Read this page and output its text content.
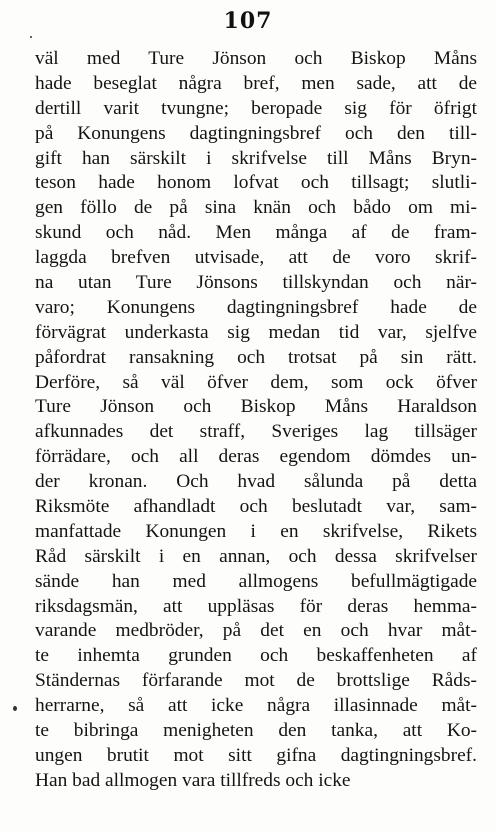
107
väl med Ture Jönson och Biskop Måns
hade beseglat några bref, men sade, att de
dertill varit tvungne; beropade sig för öfrigt
på Konungens dagtingningsbref och den till-
gift han särskilt i skrifvelse till Måns Bryn-
teson hade honom lofvat och tillsagt; slutli-
gen föllo de på sina knän och bådo om mi-
skund och nåd. Men många af de fram-
laggda brefven utvisade, att de voro skrif-
na utan Ture Jönsons tillskyndan och när-
varo; Konungens dagtingningsbref hade de
förvägrat underkasta sig medan tid var, sjelfve
påfordrat ransakning och trotsat på sin rätt.
Derföre, så väl öfver dem, som ock öfver
Ture Jönson och Biskop Måns Haraldson
afkunnades det straff, Sveriges lag tillsäger
förrädare, och all deras egendom dömdes un-
der kronan. Och hvad sålunda på detta
Riksmöte afhandladt och beslutadt var, sam-
manfattade Konungen i en skrifvelse, Rikets
Råd särskilt i en annan, och dessa skrifvelser
sände han med allmogens befullmägtigade
riksdagsmän, att uppläsas för deras hemma-
varande medbröder, på det en och hvar måt-
te inhemta grunden och beskaffenheten af
Ständernas förfarande mot de brottslige Råds-
herrarne, så att icke några illasinnade måt-
te bibringa menigheten den tanka, att Ko-
ungen brutit mot sitt gifna dagtingningsbref.
Han bad allmogen vara tillfreds och icke
